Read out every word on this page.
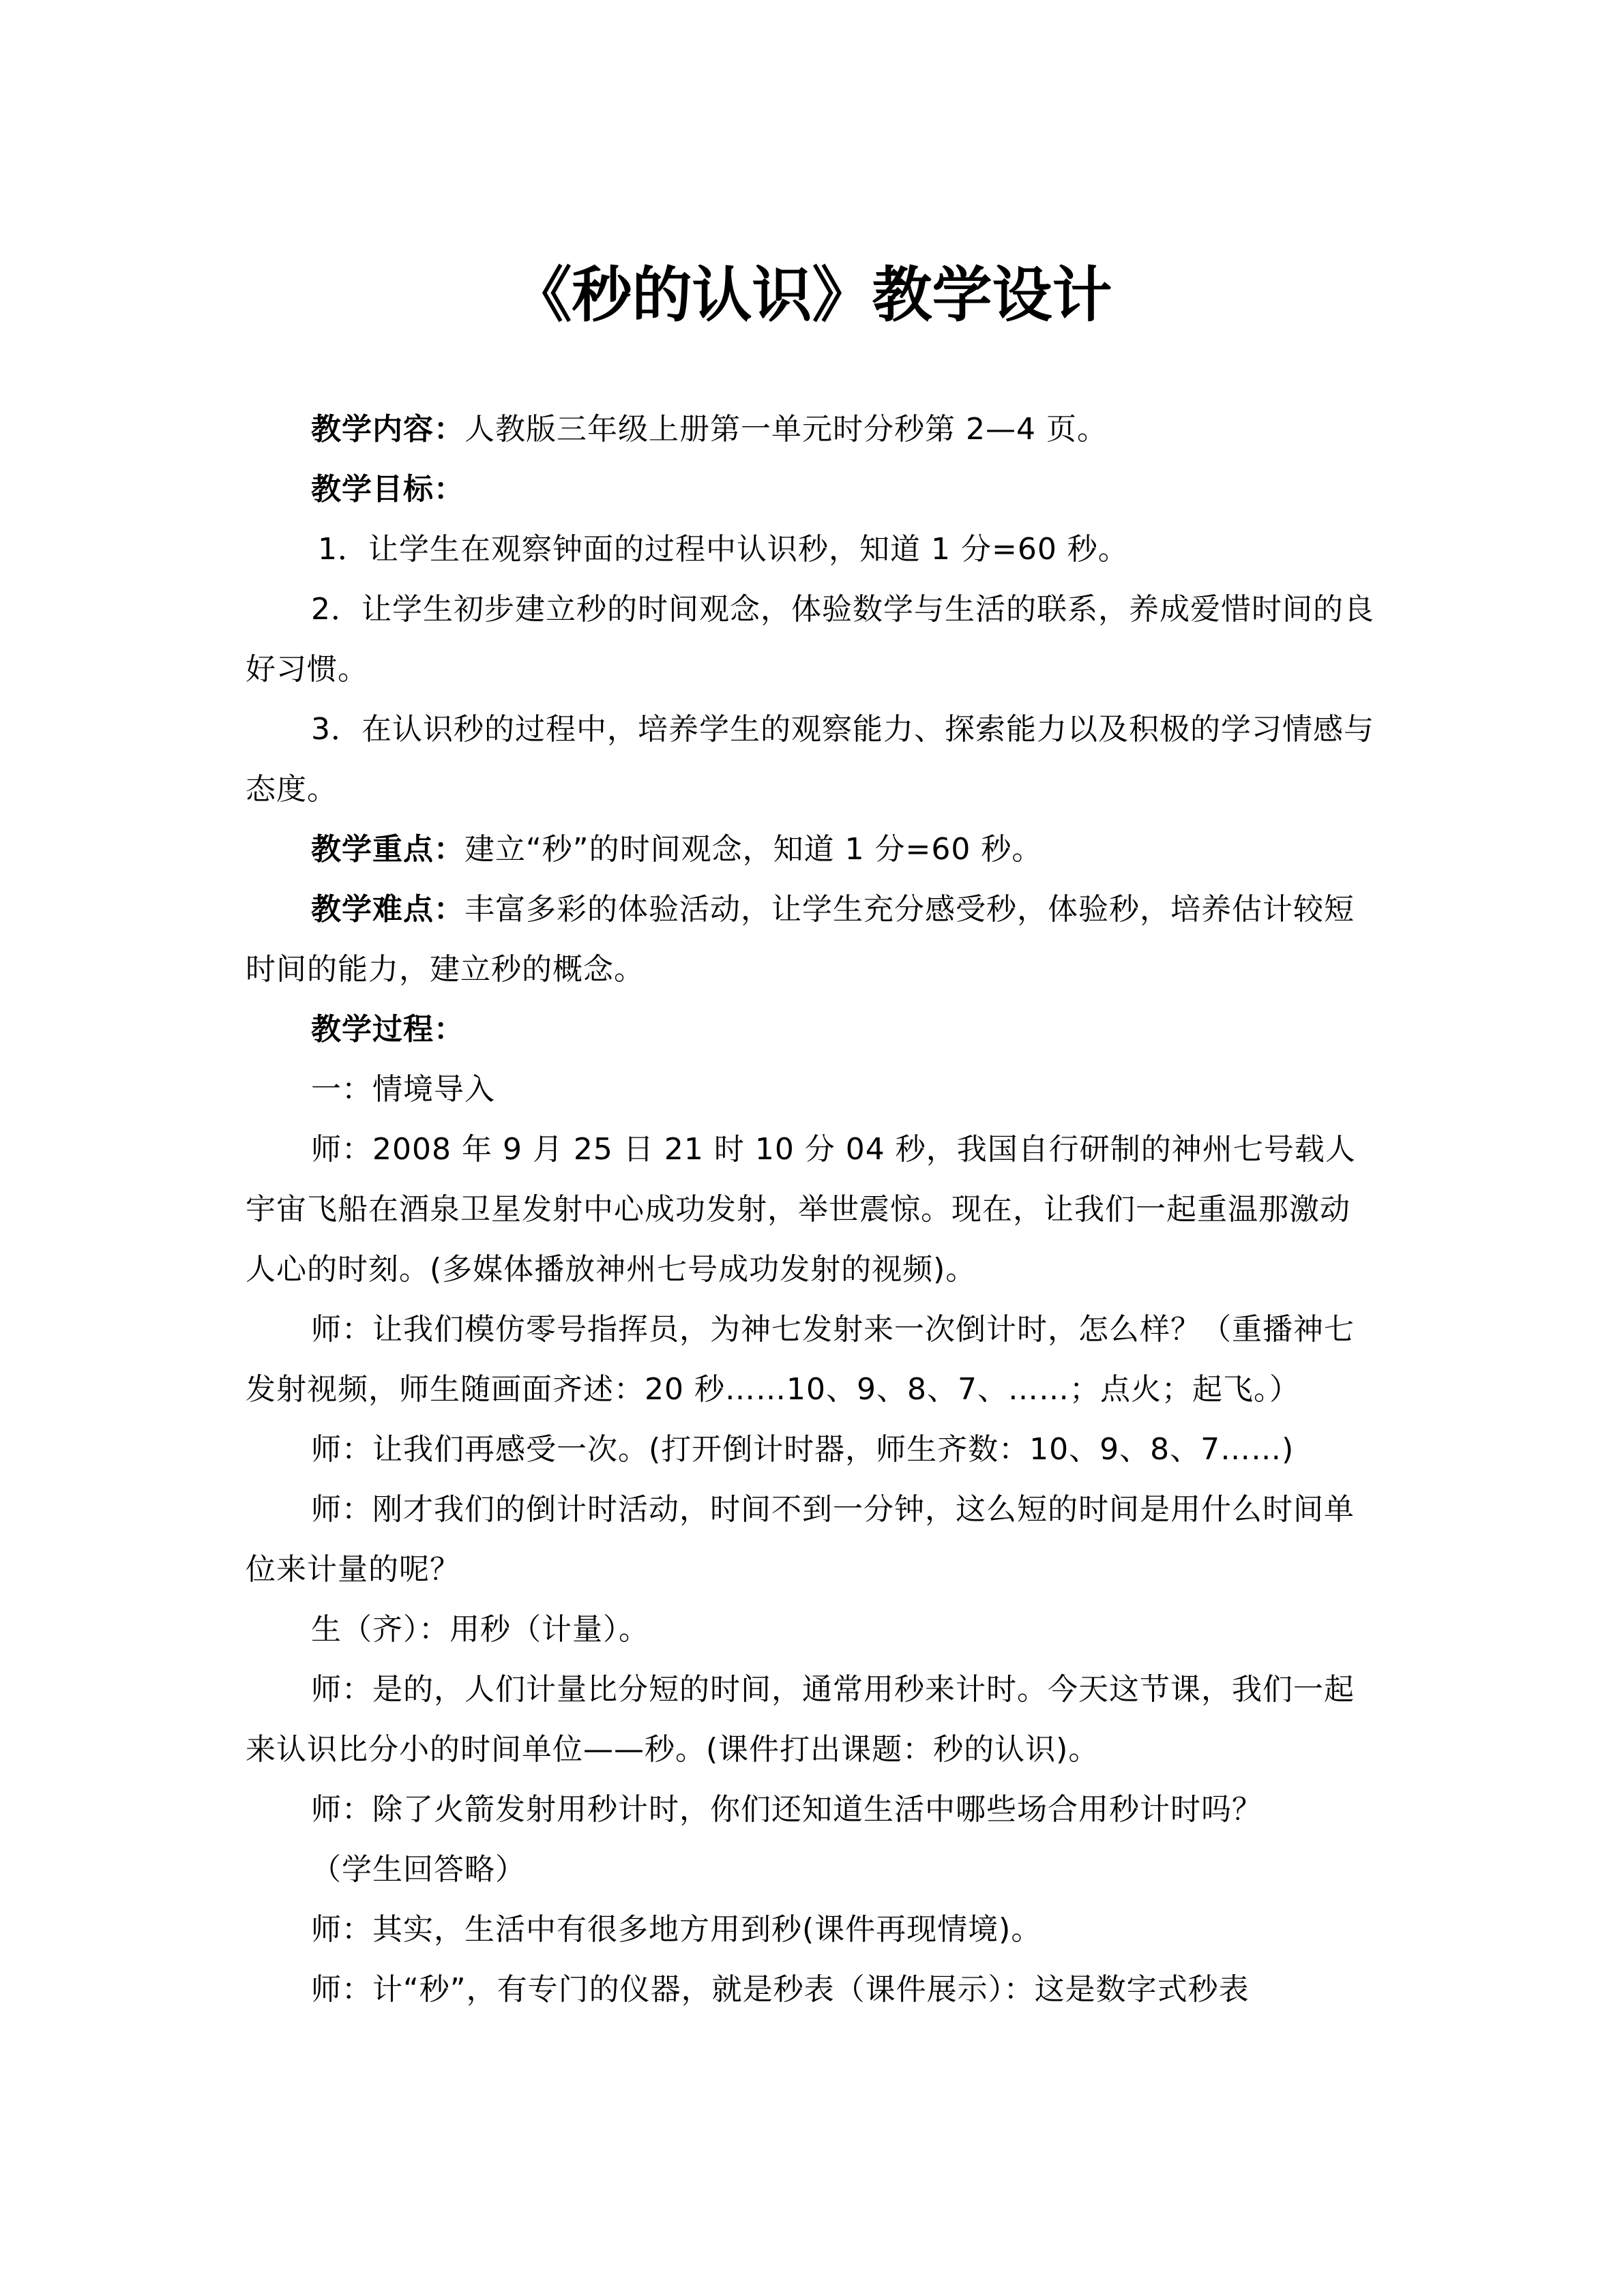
《秒的认识》教学设计

教学内容：人教版三年级上册第一单元时分秒第 2—4 页。

教学目标：

1．让学生在观察钟面的过程中认识秒，知道 1 分=60 秒。

2．让学生初步建立秒的时间观念，体验数学与生活的联系，养成爱惜时间的良好习惯。

3．在认识秒的过程中，培养学生的观察能力、探索能力以及积极的学习情感与态度。

教学重点：建立“秒”的时间观念，知道 1 分=60 秒。

教学难点：丰富多彩的体验活动，让学生充分感受秒，体验秒，培养估计较短时间的能力，建立秒的概念。

教学过程：

一：情境导入

师：2008 年 9 月 25 日 21 时 10 分 04 秒，我国自行研制的神州七号载人宇宙飞船在酒泉卫星发射中心成功发射，举世震惊。现在，让我们一起重温那激动人心的时刻。(多媒体播放神州七号成功发射的视频)。

师：让我们模仿零号指挥员，为神七发射来一次倒计时，怎么样？（重播神七发射视频，师生随画面齐述：20 秒……10、9、8、7、……；点火；起飞。）

师：让我们再感受一次。(打开倒计时器，师生齐数：10、9、8、7……)

师：刚才我们的倒计时活动，时间不到一分钟，这么短的时间是用什么时间单位来计量的呢？

生（齐）：用秒（计量）。

师：是的，人们计量比分短的时间，通常用秒来计时。今天这节课，我们一起来认识比分小的时间单位——秒。(课件打出课题：秒的认识)。

师：除了火箭发射用秒计时，你们还知道生活中哪些场合用秒计时吗？

（学生回答略）

师：其实，生活中有很多地方用到秒(课件再现情境)。

师：计“秒”，有专门的仪器，就是秒表（课件展示）：这是数字式秒表
